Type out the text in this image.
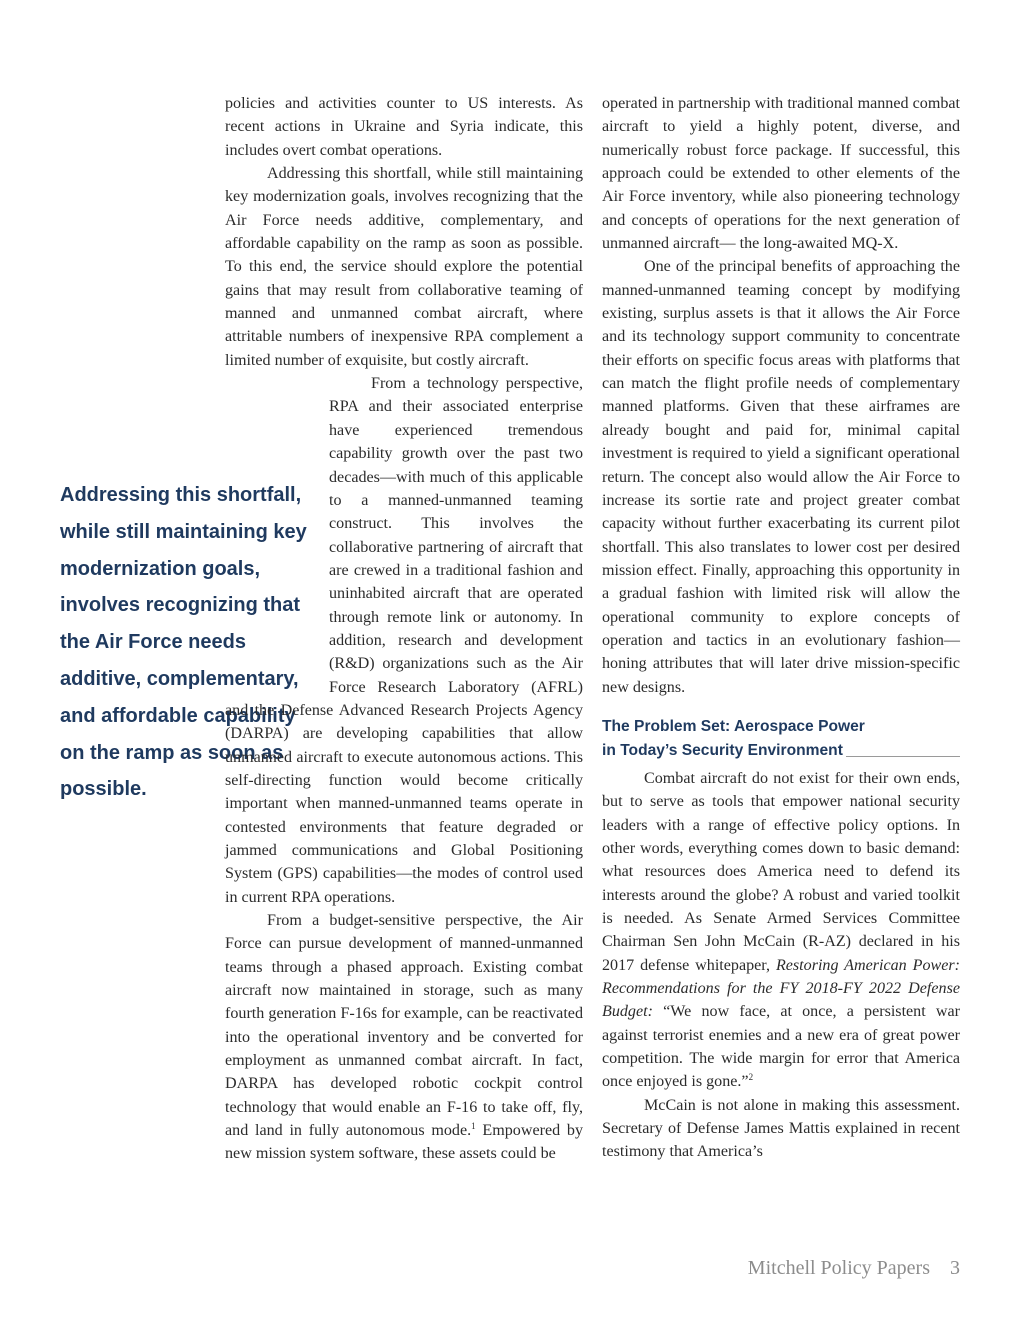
Addressing this shortfall, while still maintaining key modernization goals, involves recognizing that the Air Force needs additive, complementary, and affordable capability on the ramp as soon as possible.

policies and activities counter to US interests. As recent actions in Ukraine and Syria indicate, this includes overt combat operations.

Addressing this shortfall, while still maintaining key modernization goals, involves recognizing that the Air Force needs additive, complementary, and affordable capability on the ramp as soon as possible. To this end, the service should explore the potential gains that may result from collaborative teaming of manned and unmanned combat aircraft, where attritable numbers of inexpensive RPA complement a limited number of exquisite, but costly aircraft.

From a technology perspective, RPA and their associated enterprise have experienced tremendous capability growth over the past two decades—with much of this applicable to a manned-unmanned teaming construct. This involves the collaborative partnering of aircraft that are crewed in a traditional fashion and uninhabited aircraft that are operated through remote link or autonomy. In addition, research and development (R&D) organizations such as the Air Force Research Laboratory (AFRL) and the Defense Advanced Research Projects Agency (DARPA) are developing capabilities that allow unmanned aircraft to execute autonomous actions. This self-directing function would become critically important when manned-unmanned teams operate in contested environments that feature degraded or jammed communications and Global Positioning System (GPS) capabilities—the modes of control used in current RPA operations.

From a budget-sensitive perspective, the Air Force can pursue development of manned-unmanned teams through a phased approach. Existing combat aircraft now maintained in storage, such as many fourth generation F-16s for example, can be reactivated into the operational inventory and be converted for employment as unmanned combat aircraft. In fact, DARPA has developed robotic cockpit control technology that would enable an F-16 to take off, fly, and land in fully autonomous mode.$^1$ Empowered by new mission system software, these assets could be

operated in partnership with traditional manned combat aircraft to yield a highly potent, diverse, and numerically robust force package. If successful, this approach could be extended to other elements of the Air Force inventory, while also pioneering technology and concepts of operations for the next generation of unmanned aircraft— the long-awaited MQ-X.

One of the principal benefits of approaching the manned-unmanned teaming concept by modifying existing, surplus assets is that it allows the Air Force and its technology support community to concentrate their efforts on specific focus areas with platforms that can match the flight profile needs of complementary manned platforms. Given that these airframes are already bought and paid for, minimal capital investment is required to yield a significant operational return. The concept also would allow the Air Force to increase its sortie rate and project greater combat capacity without further exacerbating its current pilot shortfall. This also translates to lower cost per desired mission effect. Finally, approaching this opportunity in a gradual fashion with limited risk will allow the operational community to explore concepts of operation and tactics in an evolutionary fashion—honing attributes that will later drive mission-specific new designs.

The Problem Set: Aerospace Power
in Today’s Security Environment

Combat aircraft do not exist for their own ends, but to serve as tools that empower national security leaders with a range of effective policy options. In other words, everything comes down to basic demand: what resources does America need to defend its interests around the globe? A robust and varied toolkit is needed. As Senate Armed Services Committee Chairman Sen John McCain (R-AZ) declared in his 2017 defense whitepaper, Restoring American Power: Recommendations for the FY 2018-FY 2022 Defense Budget: “We now face, at once, a persistent war against terrorist enemies and a new era of great power competition. The wide margin for error that America once enjoyed is gone.”$^2$

McCain is not alone in making this assessment. Secretary of Defense James Mattis explained in recent testimony that America’s

Mitchell Policy Papers 3
